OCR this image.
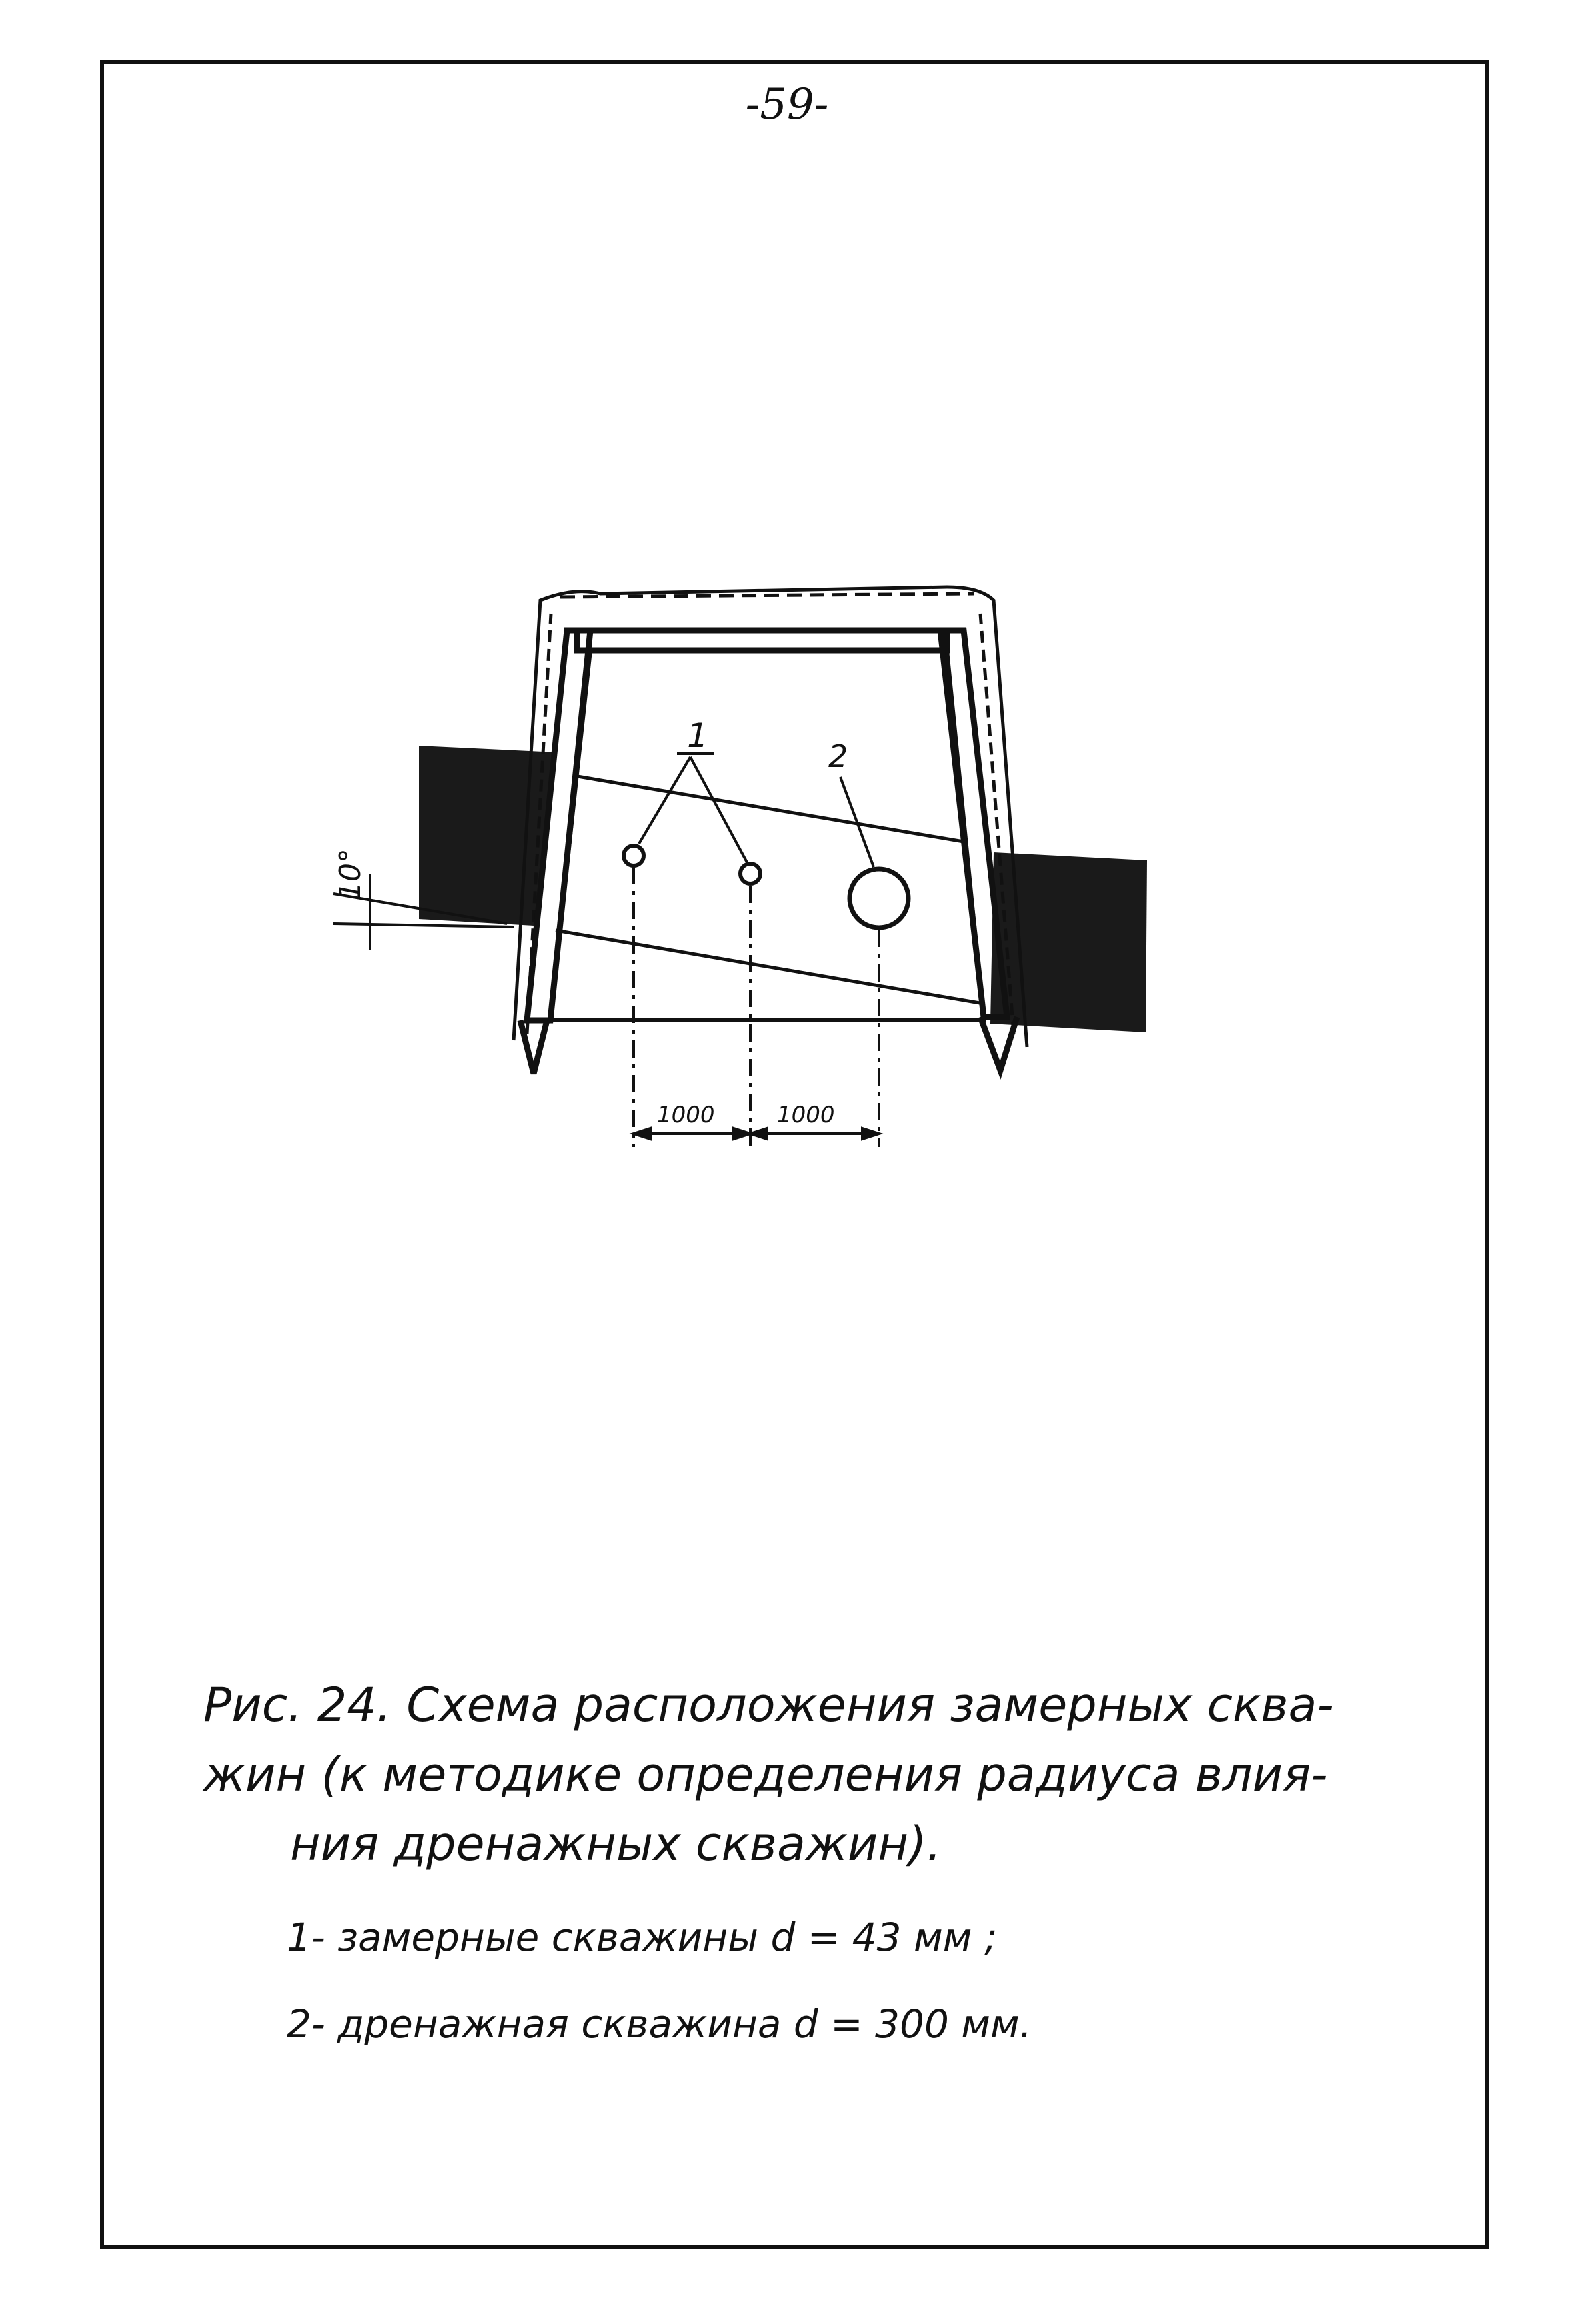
-59-
10°
1
2
1000	1000
Рис. 24. Схема расположения замерных сква-
жин (к методике определения радиуса влия-
ния дренажных скважин).
1- замерные скважины d = 43 мм ;
2- дренажная скважина d = 300 мм.
